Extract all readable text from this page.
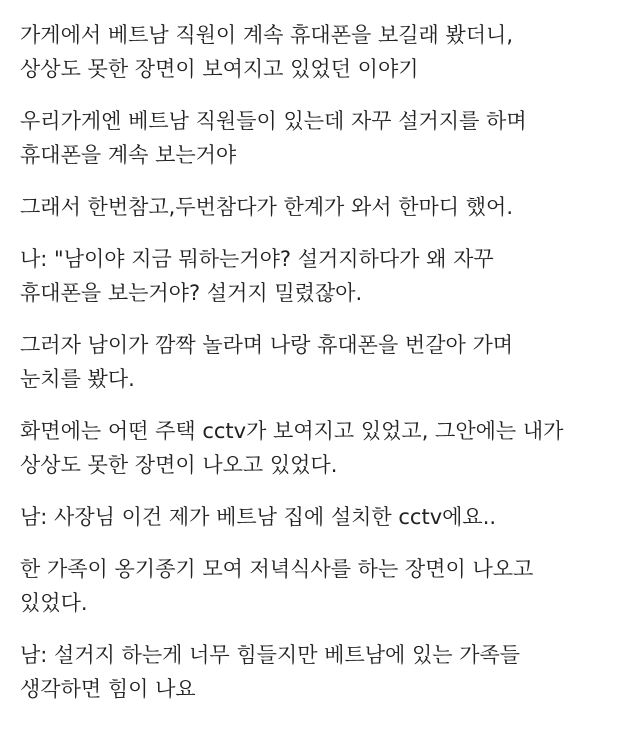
가게에서 베트남 직원이 계속 휴대폰을 보길래 봤더니,
상상도 못한 장면이 보여지고 있었던 이야기

우리가게엔 베트남 직원들이 있는데 자꾸 설거지를 하며
휴대폰을 계속 보는거야

그래서 한번참고,두번참다가 한계가 와서 한마디 했어.

나: "남이야 지금 뭐하는거야? 설거지하다가 왜 자꾸
휴대폰을 보는거야? 설거지 밀렸잖아.

그러자 남이가 깜짝 놀라며 나랑 휴대폰을 번갈아 가며
눈치를 봤다.

화면에는 어떤 주택 cctv가 보여지고 있었고, 그안에는 내가
상상도 못한 장면이 나오고 있었다.

남: 사장님 이건 제가 베트남 집에 설치한 cctv에요..

한 가족이 옹기종기 모여 저녁식사를 하는 장면이 나오고
있었다.

남: 설거지 하는게 너무 힘들지만 베트남에 있는 가족들
생각하면 힘이 나요
